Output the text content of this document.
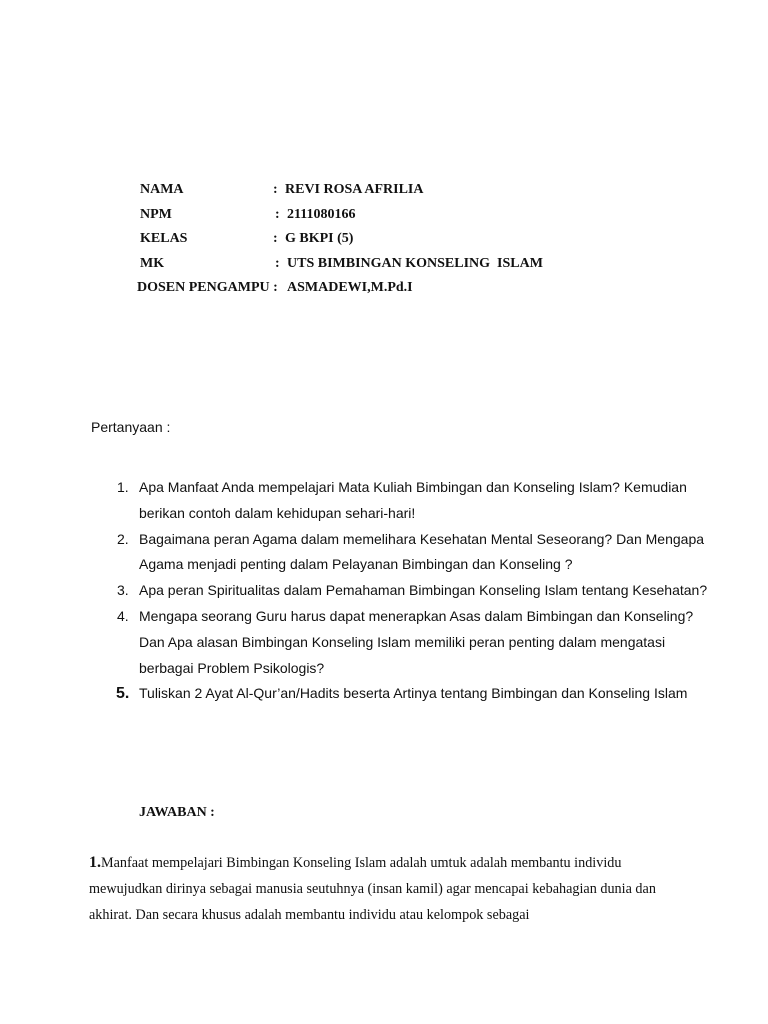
NAMA	: REVI ROSA AFRILIA
NPM	: 2111080166
KELAS	: G BKPI (5)
MK	: UTS BIMBINGAN KONSELING  ISLAM
DOSEN PENGAMPU : ASMADEWI,M.Pd.I
Pertanyaan :
1. Apa Manfaat Anda mempelajari Mata Kuliah Bimbingan dan Konseling Islam? Kemudian berikan contoh dalam kehidupan sehari-hari!
2. Bagaimana peran Agama dalam memelihara Kesehatan Mental Seseorang? Dan Mengapa Agama menjadi penting dalam Pelayanan Bimbingan dan Konseling ?
3. Apa peran Spiritualitas dalam Pemahaman Bimbingan Konseling Islam tentang Kesehatan?
4. Mengapa seorang Guru harus dapat menerapkan Asas dalam Bimbingan dan Konseling? Dan Apa alasan Bimbingan Konseling Islam memiliki peran penting dalam mengatasi berbagai Problem Psikologis?
5. Tuliskan 2 Ayat Al-Qur’an/Hadits beserta Artinya tentang Bimbingan dan Konseling Islam
JAWABAN :
1.Manfaat mempelajari Bimbingan Konseling Islam adalah umtuk adalah membantu individu mewujudkan dirinya sebagai manusia seutuhnya (insan kamil) agar mencapai kebahagian dunia dan akhirat. Dan secara khusus adalah membantu individu atau kelompok sebagai
